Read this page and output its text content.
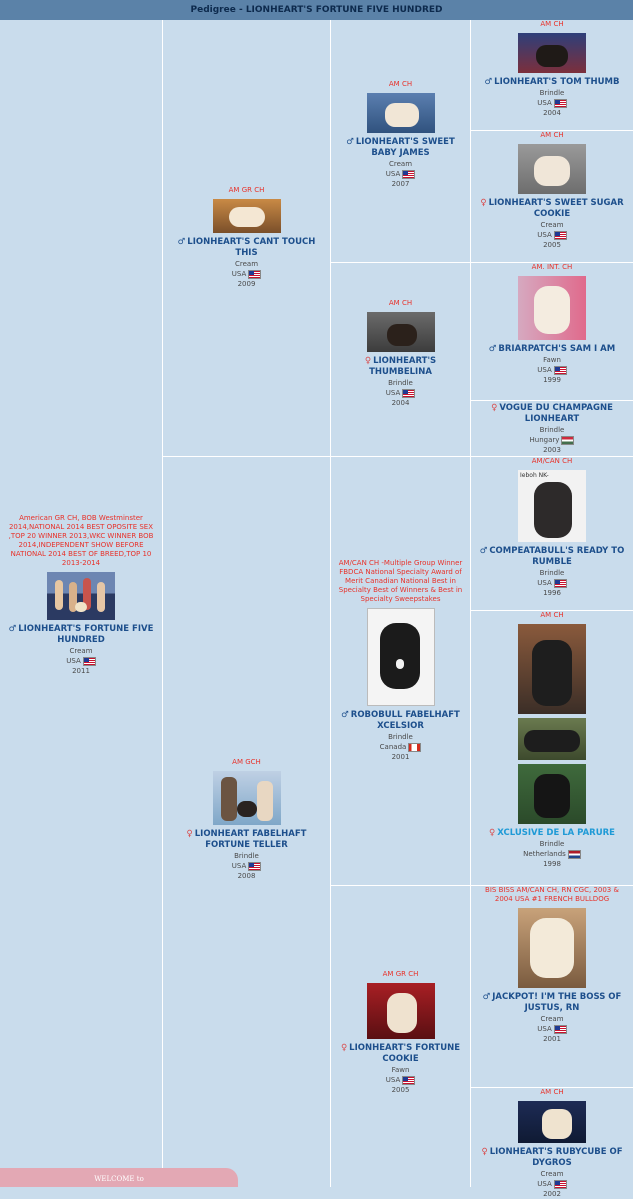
Pedigree - LIONHEART'S FORTUNE FIVE HUNDRED
American GR CH, BOB Westminster 2014,NATIONAL 2014 BEST OPOSITE SEX ,TOP 20 WINNER 2013,WKC WINNER BOB 2014,INDEPENDENT SHOW BEFORE NATIONAL 2014 BEST OF BREED,TOP 10 2013-2014
♂ LIONHEART'S FORTUNE FIVE HUNDRED
Cream
USA
2011
AM GR CH
♂ LIONHEART'S CANT TOUCH THIS
Cream
USA
2009
AM GCH
♀ LIONHEART FABELHAFT FORTUNE TELLER
Brindle
USA
2008
AM CH
♂ LIONHEART'S SWEET BABY JAMES
Cream
USA
2007
AM CH
♀ LIONHEART'S THUMBELINA
Brindle
USA
2004
AM/CAN CH -Multiple Group Winner FBDCA National Specialty Award of Merit Canadian National Best in Specialty Best of Winners & Best in Specialty Sweepstakes
♂ ROBOBULL FABELHAFT XCELSIOR
Brindle
Canada
2001
AM GR CH
♀ LIONHEART'S FORTUNE COOKIE
Fawn
USA
2005
AM CH
♂ LIONHEART'S TOM THUMB
Brindle
USA
2004
AM CH
♀ LIONHEART'S SWEET SUGAR COOKIE
Cream
USA
2005
AM. INT. CH
♂ BRIARPATCH'S SAM I AM
Fawn
USA
1999
♀ VOGUE DU CHAMPAGNE LIONHEART
Brindle
Hungary
2003
AM/CAN CH
Ieboh NK-
♂ COMPEATABULL'S READY TO RUMBLE
Brindle
USA
1996
AM CH
♀ XCLUSIVE DE LA PARURE
Brindle
Netherlands
1998
BIS BISS AM/CAN CH, RN CGC, 2003 & 2004 USA #1 FRENCH BULLDOG
♂ JACKPOT! I'M THE BOSS OF JUSTUS, RN
Cream
USA
2001
AM CH
♀ LIONHEART'S RUBYCUBE OF DYGROS
Cream
USA
2002
WELCOME to
